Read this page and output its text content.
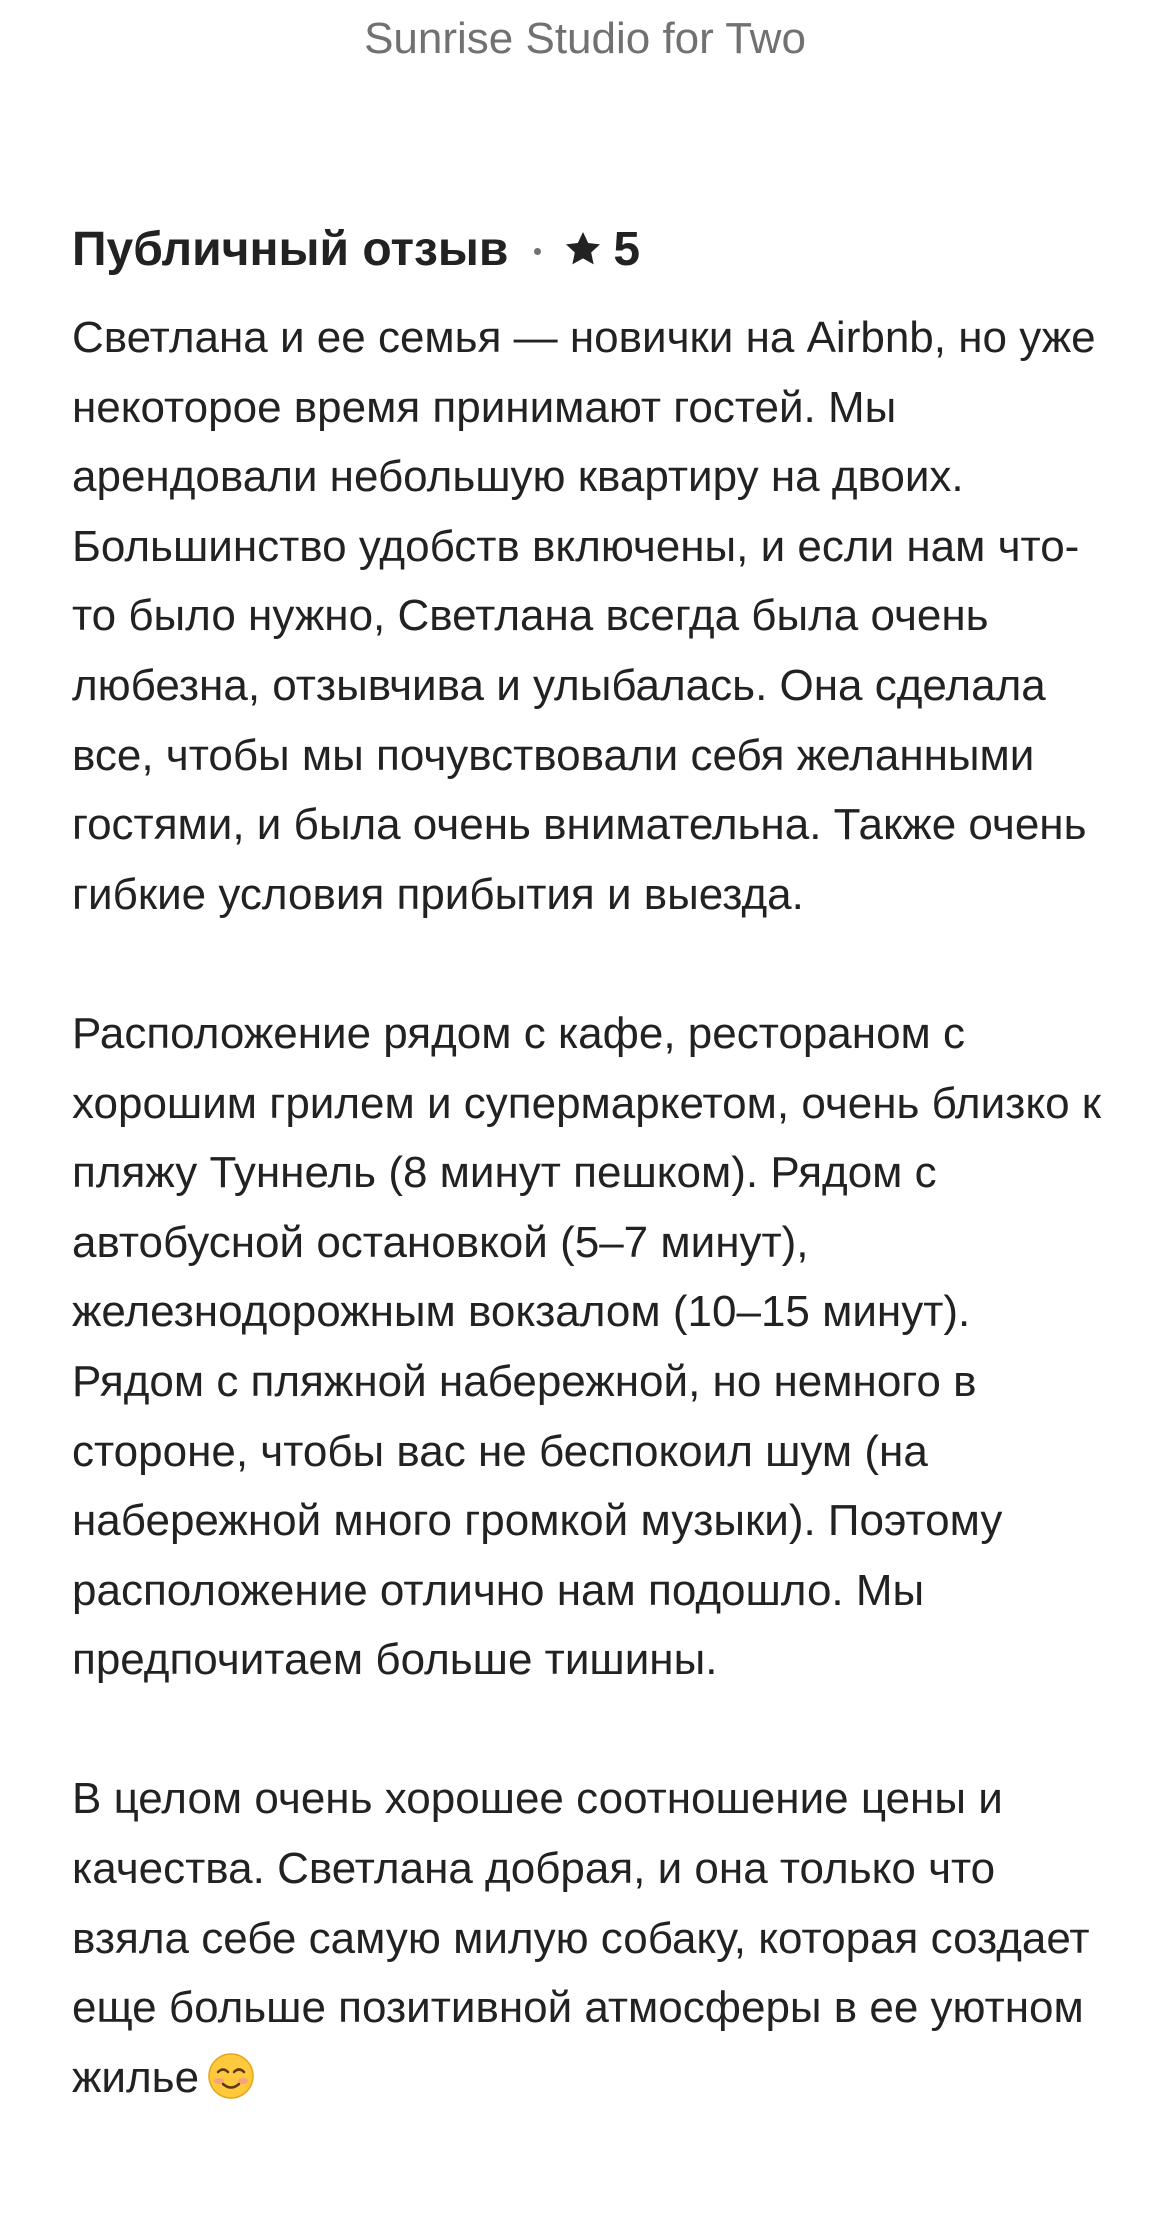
Sunrise Studio for Two
Публичный отзыв 5

Светлана и ее семья — новички на Airbnb, но уже некоторое время принимают гостей. Мы арендовали небольшую квартиру на двоих. Большинство удобств включены, и если нам что-то было нужно, Светлана всегда была очень любезна, отзывчива и улыбалась. Она сделала все, чтобы мы почувствовали себя желанными гостями, и была очень внимательна. Также очень гибкие условия прибытия и выезда.

Расположение рядом с кафе, рестораном с хорошим грилем и супермаркетом, очень близко к пляжу Туннель (8 минут пешком). Рядом с автобусной остановкой (5–7 минут), железнодорожным вокзалом (10–15 минут). Рядом с пляжной набережной, но немного в стороне, чтобы вас не беспокоил шум (на набережной много громкой музыки). Поэтому расположение отлично нам подошло. Мы предпочитаем больше тишины.

В целом очень хорошее соотношение цены и качества. Светлана добрая, и она только что взяла себе самую милую собаку, которая создает еще больше позитивной атмосферы в ее уютном жилье
